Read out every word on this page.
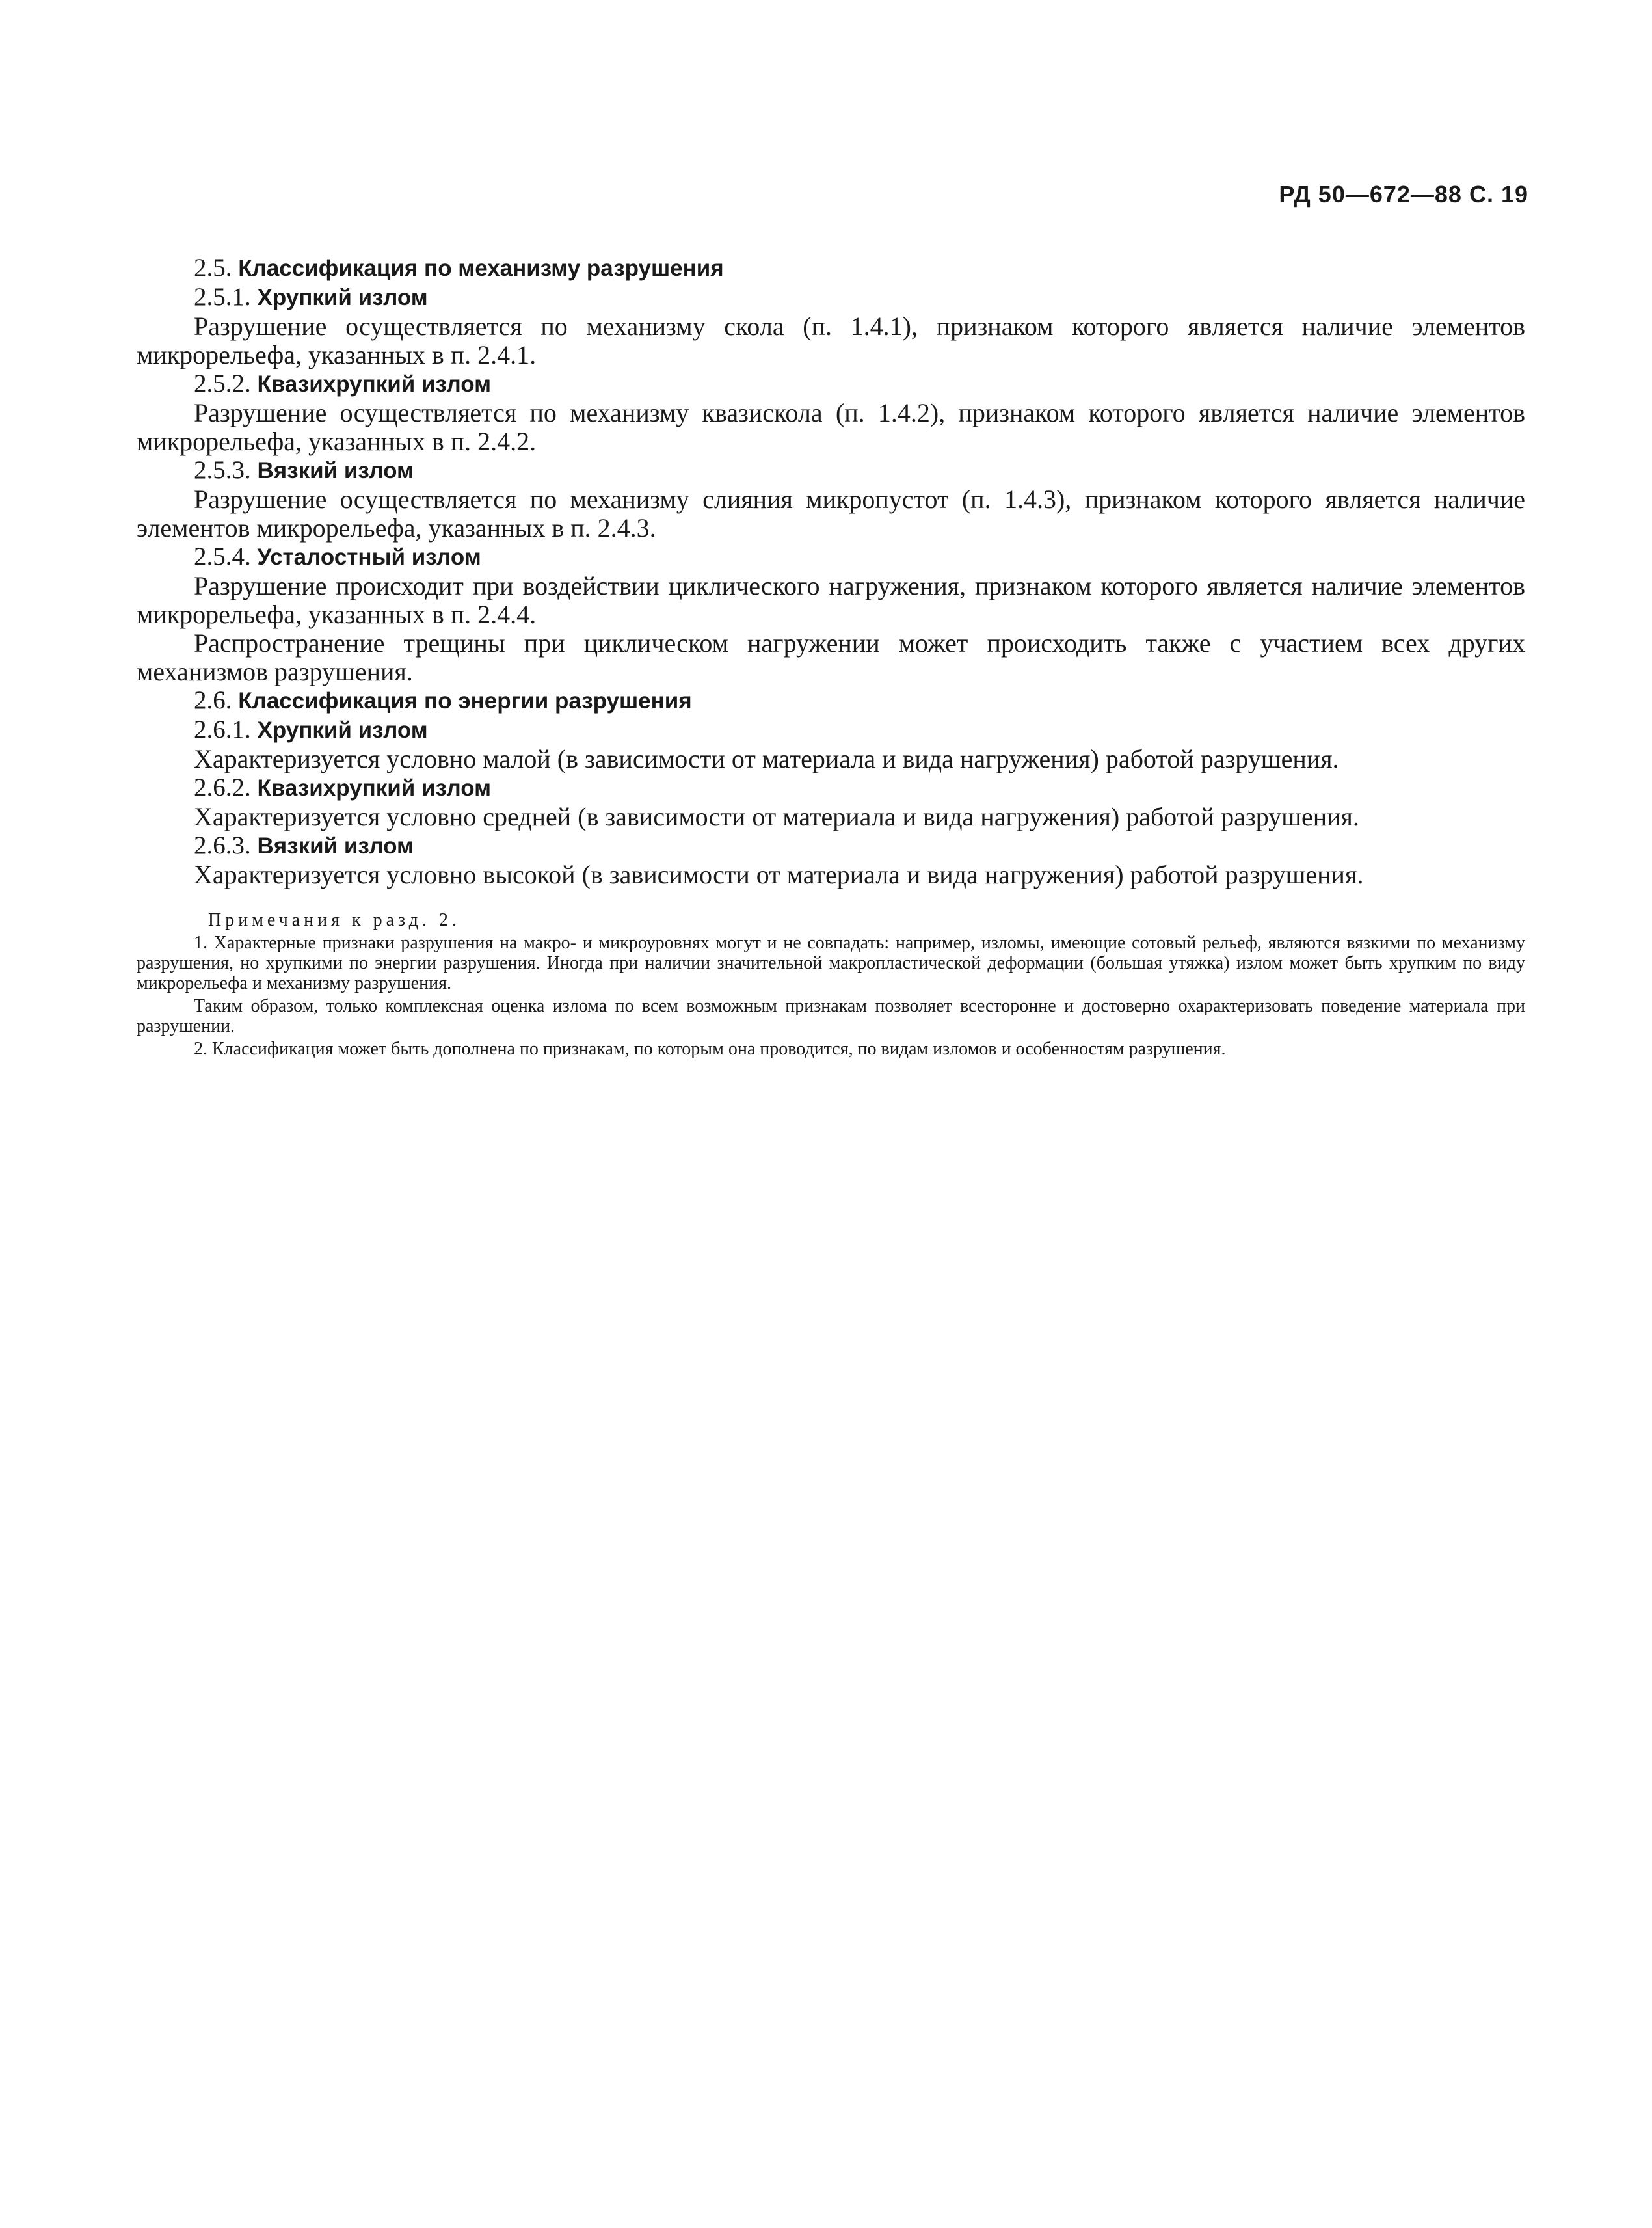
РД 50—672—88 С. 19

2.5. Классификация по механизму разрушения

2.5.1. Хрупкий излом

Разрушение осуществляется по механизму скола (п. 1.4.1), признаком которого является наличие элементов микрорельефа, указанных в п. 2.4.1.

2.5.2. Квазихрупкий излом

Разрушение осуществляется по механизму квазискола (п. 1.4.2), признаком которого является наличие элементов микрорельефа, указанных в п. 2.4.2.

2.5.3. Вязкий излом

Разрушение осуществляется по механизму слияния микропустот (п. 1.4.3), признаком которого является наличие элементов микрорельефа, указанных в п. 2.4.3.

2.5.4. Усталостный излом

Разрушение происходит при воздействии циклического нагружения, признаком которого является наличие элементов микрорельефа, указанных в п. 2.4.4.

Распространение трещины при циклическом нагружении может происходить также с участием всех других механизмов разрушения.

2.6. Классификация по энергии разрушения

2.6.1. Хрупкий излом

Характеризуется условно малой (в зависимости от материала и вида нагружения) работой разрушения.

2.6.2. Квазихрупкий излом

Характеризуется условно средней (в зависимости от материала и вида нагружения) работой разрушения.

2.6.3. Вязкий излом

Характеризуется условно высокой (в зависимости от материала и вида нагружения) работой разрушения.

Примечания к разд. 2.

1. Характерные признаки разрушения на макро- и микроуровнях могут и не совпадать: например, изломы, имеющие сотовый рельеф, являются вязкими по механизму разрушения, но хрупкими по энергии разрушения. Иногда при наличии значительной макропластической деформации (большая утяжка) излом может быть хрупким по виду микрорельефа и механизму разрушения.

Таким образом, только комплексная оценка излома по всем возможным признакам позволяет всесторонне и достоверно охарактеризовать поведение материала при разрушении.

2. Классификация может быть дополнена по признакам, по которым она проводится, по видам изломов и особенностям разрушения.
